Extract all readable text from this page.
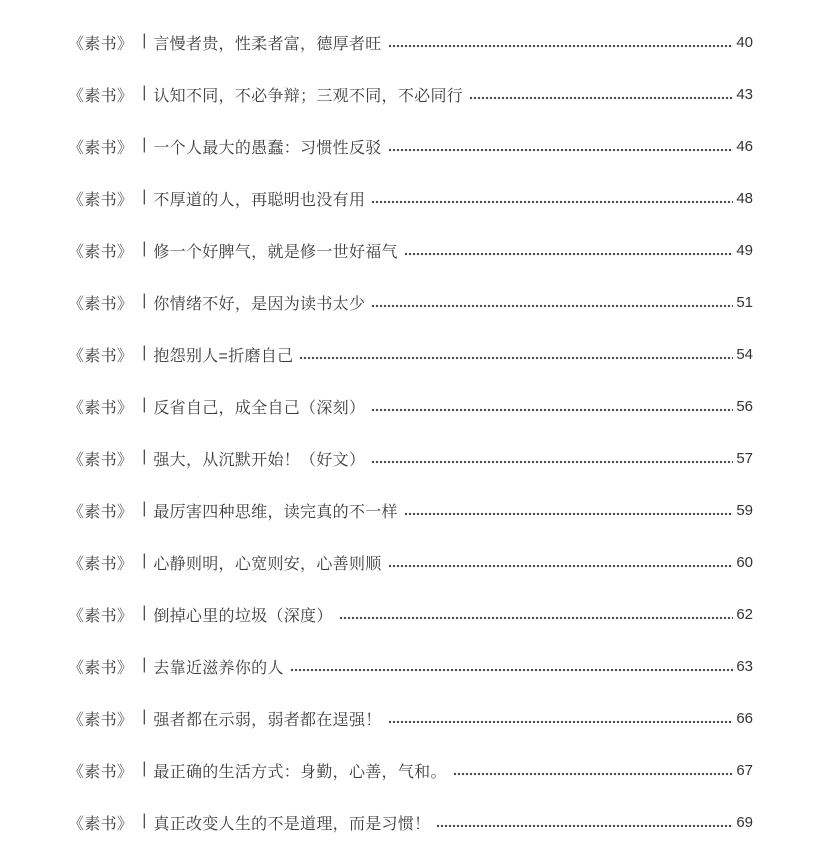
《素书》 | 言慢者贵，性柔者富，德厚者旺	40
《素书》 | 认知不同，不必争辩；三观不同，不必同行	43
《素书》 | 一个人最大的愚蠢：习惯性反驳	46
《素书》 | 不厚道的人，再聪明也没有用	48
《素书》 | 修一个好脾气，就是修一世好福气	49
《素书》 | 你情绪不好，是因为读书太少	51
《素书》 | 抱怨别人=折磨自己	54
《素书》 | 反省自己，成全自己（深刻）	56
《素书》 | 强大，从沉默开始！（好文）	57
《素书》 | 最厉害四种思维，读完真的不一样	59
《素书》 | 心静则明，心宽则安，心善则顺	60
《素书》 | 倒掉心里的垃圾（深度）	62
《素书》 | 去靠近滋养你的人	63
《素书》 | 强者都在示弱，弱者都在逞强！	66
《素书》 | 最正确的生活方式：身勤，心善，气和。	67
《素书》 | 真正改变人生的不是道理，而是习惯！	69
